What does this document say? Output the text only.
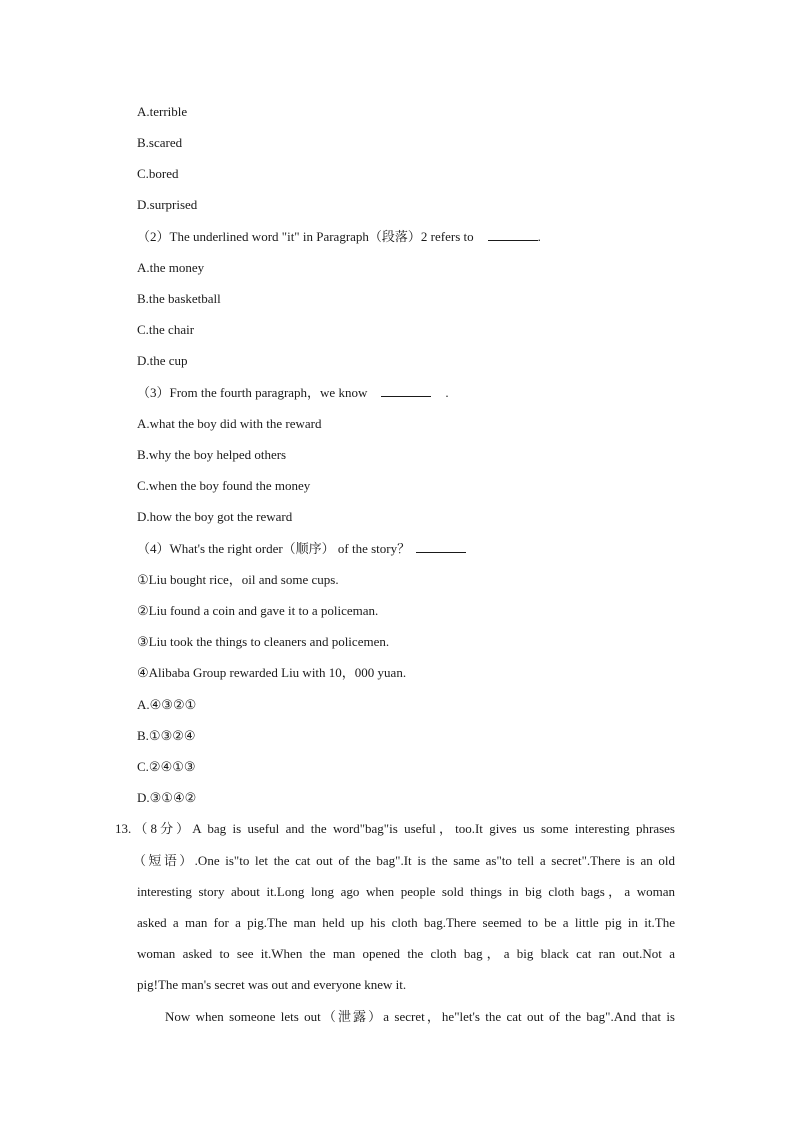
A.terrible
B.scared
C.bored
D.surprised
（2）The underlined word "it" in Paragraph（段落）2 refers to	.
A.the money
B.the basketball
C.the chair
D.the cup
（3）From the fourth paragraph，we know	.
A.what the boy did with the reward
B.why the boy helped others
C.when the boy found the money
D.how the boy got the reward
（4）What's the right order（顺序） of the story？
①Liu bought rice，oil and some cups.
②Liu found a coin and gave it to a policeman.
③Liu took the things to cleaners and policemen.
④Alibaba Group rewarded Liu with 10，000 yuan.
A.④③②①
B.①③②④
C.②④①③
D.③①④②
13.（8分）A bag is useful and the word"bag"is useful，too.It gives us some interesting phrases
（短语）.One is"to let the cat out of the bag".It is the same as"to tell a secret".There is an old
interesting story about it.Long long ago when people sold things in big cloth bags，a woman
asked a man for a pig.The man held up his cloth bag.There seemed to be a little pig in it.The
woman asked to see it.When the man opened the cloth bag，a big black cat ran out.Not a
pig!The man's secret was out and everyone knew it.
Now when someone lets out（泄露）a secret，he"let's the cat out of the bag".And that is
